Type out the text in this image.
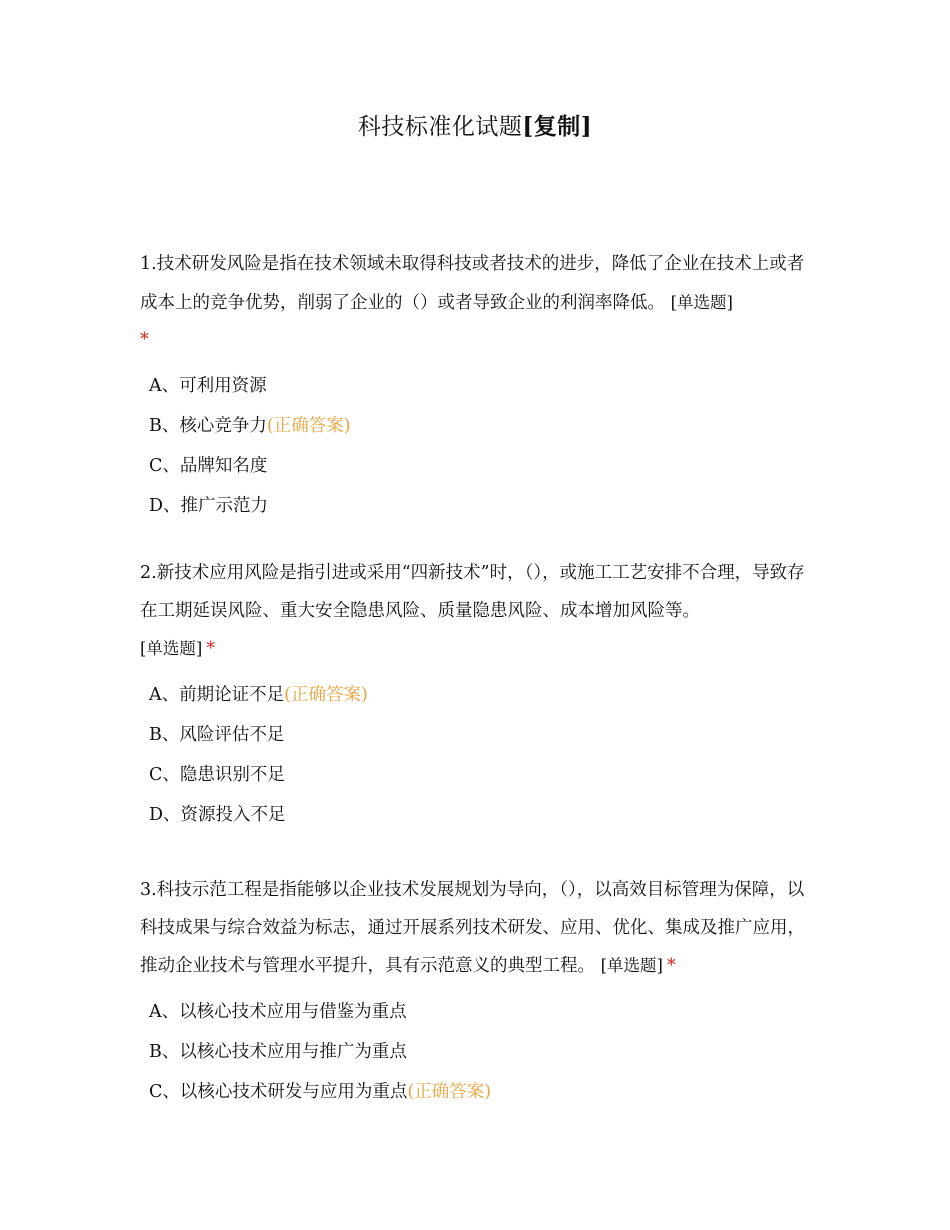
科技标准化试题[复制]
1.技术研发风险是指在技术领域未取得科技或者技术的进步，降低了企业在技术上或者成本上的竞争优势，削弱了企业的（）或者导致企业的利润率降低。 [单选题]
*
A、可利用资源
B、核心竞争力(正确答案)
C、品牌知名度
D、推广示范力
2.新技术应用风险是指引进或采用“四新技术”时，（），或施工工艺安排不合理，导致存在工期延误风险、重大安全隐患风险、质量隐患风险、成本增加风险等。
[单选题] *
A、前期论证不足(正确答案)
B、风险评估不足
C、隐患识别不足
D、资源投入不足
3.科技示范工程是指能够以企业技术发展规划为导向，（），以高效目标管理为保障，以科技成果与综合效益为标志，通过开展系列技术研发、应用、优化、集成及推广应用，推动企业技术与管理水平提升，具有示范意义的典型工程。 [单选题] *
A、以核心技术应用与借鉴为重点
B、以核心技术应用与推广为重点
C、以核心技术研发与应用为重点(正确答案)
